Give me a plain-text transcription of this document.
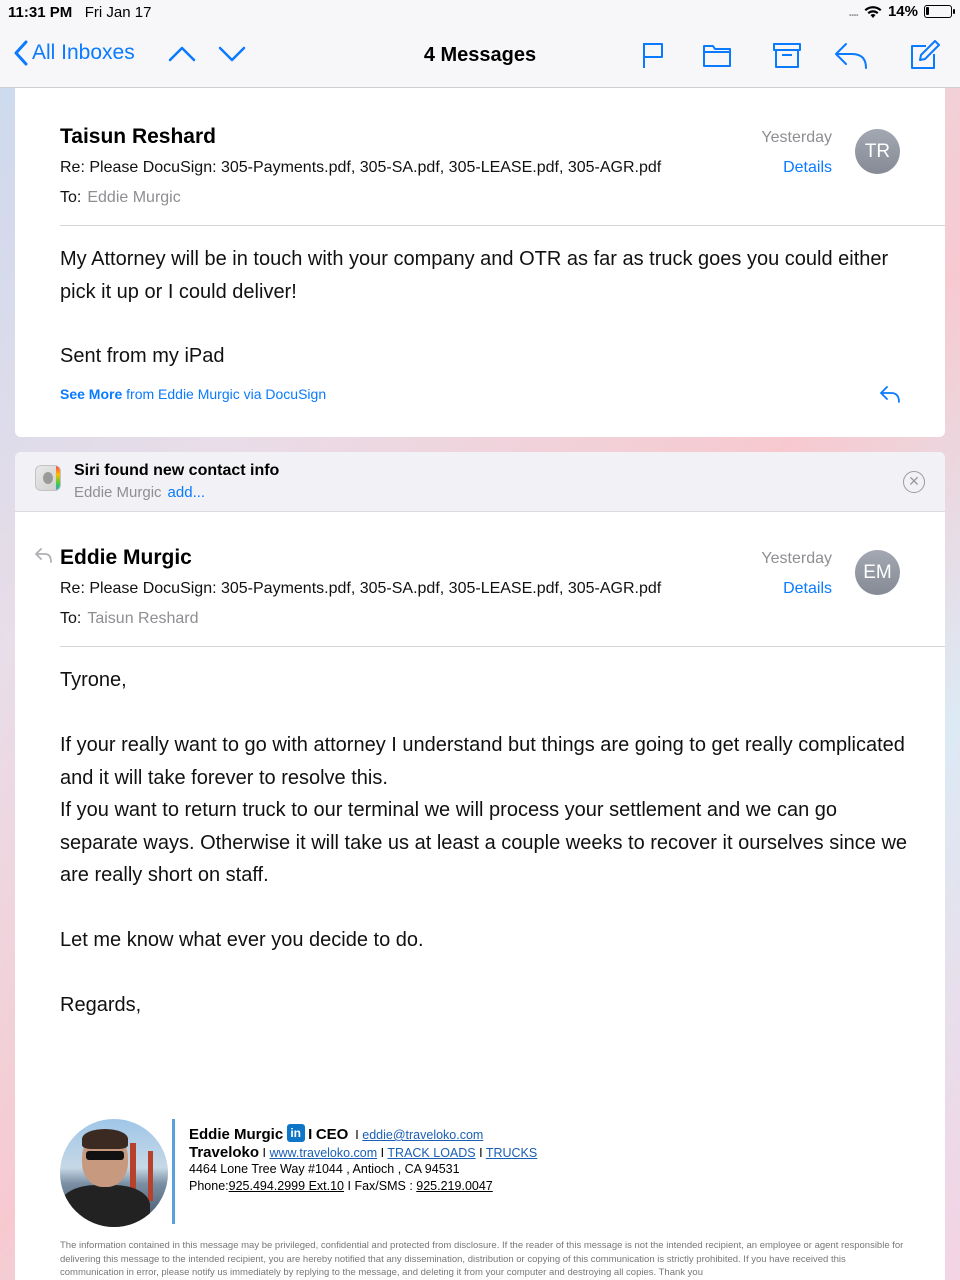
11:31 PM Fri Jan 17	.... 14%
All Inboxes	4 Messages
Taisun Reshard
Re: Please DocuSign: 305-Payments.pdf, 305-SA.pdf, 305-LEASE.pdf, 305-AGR.pdf
To: Eddie Murgic
Yesterday
Details
TR
My Attorney will be in touch with your company and OTR as far as truck goes you could either pick it up or I could deliver!
Sent from my iPad
See More from Eddie Murgic via DocuSign
Siri found new contact info
Eddie Murgic add...
✕
Eddie Murgic
Re: Please DocuSign: 305-Payments.pdf, 305-SA.pdf, 305-LEASE.pdf, 305-AGR.pdf
To: Taisun Reshard
Yesterday
Details
EM
Tyrone,
If your really want to go with attorney I understand but things are going to get really complicated and it will take forever to resolve this.
If you want to return truck to our terminal we will process your settlement and we can go separate ways. Otherwise it will take us at least a couple weeks to recover it ourselves since we are really short on staff.
Let me know what ever you decide to do.
Regards,
Eddie Murgic in I CEO I eddie@traveloko.com
Traveloko I www.traveloko.com I TRACK LOADS I TRUCKS
4464 Lone Tree Way #1044 , Antioch , CA 94531
Phone:925.494.2999 Ext.10 I Fax/SMS : 925.219.0047
The information contained in this message may be privileged, confidential and protected from disclosure. If the reader of this message is not the intended recipient, an employee or agent responsible for delivering this message to the intended recipient, you are hereby notified that any dissemination, distribution or copying of this communication is strictly prohibited. If you have received this communication in error, please notify us immediately by replying to the message, and deleting it from your computer and destroying all copies. Thank you
